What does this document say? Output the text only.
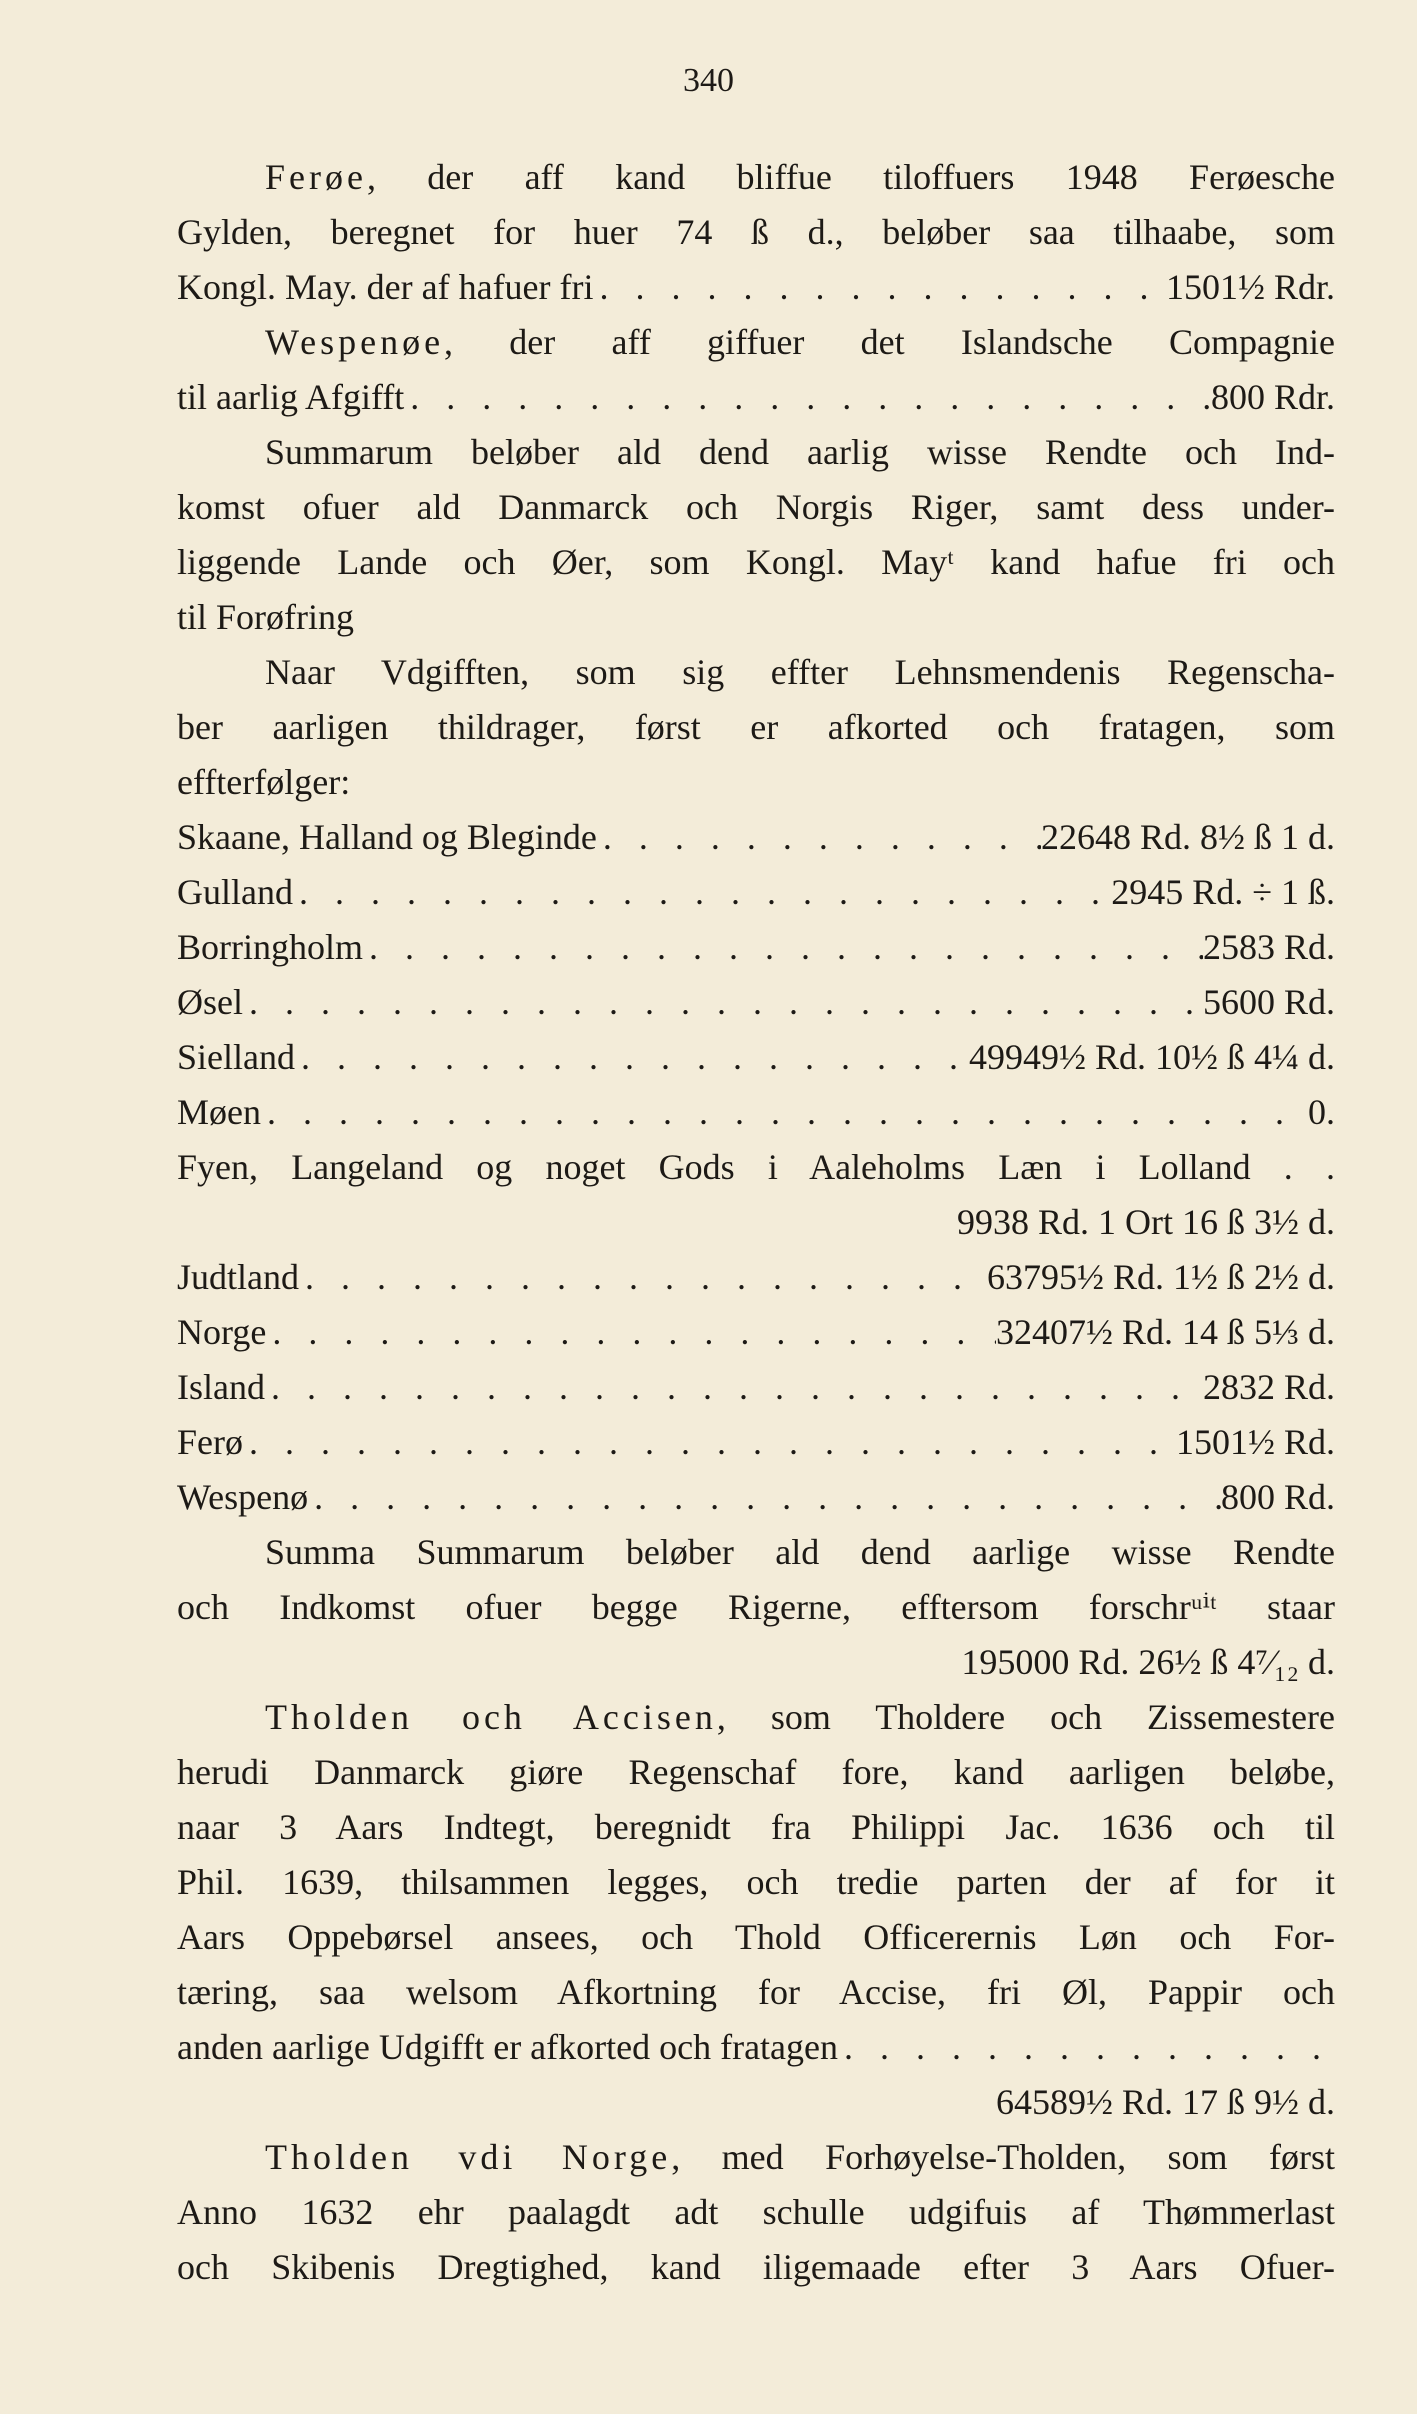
340
Ferøe, der aff kand bliffue tiloffuers 1948 Ferøesche
Gylden, beregnet for huer 74 ß d., beløber saa tilhaabe, som
Kongl. May. der af hafuer fri . . .	1501½ Rdr.
Wespenøe, der aff giffuer det Islandsche Compagnie
til aarlig Afgifft . . .	800 Rdr.
Summarum beløber ald dend aarlig wisse Rendte och Ind-
komst ofuer ald Danmarck och Norgis Riger, samt dess under-
liggende Lande och Øer, som Kongl. Mayᵗ kand hafue fri och
til Forøfring
Naar Vdgifften, som sig effter Lehnsmendenis Regenscha-
ber aarligen thildrager, først er afkorted och fratagen, som
effterfølger:
Skaane, Halland og Bleginde . . .	22648 Rd. 8½ ß 1 d.
Gulland . . .	2945 Rd. ÷ 1 ß.
Borringholm . . .	2583 Rd.
Øsel . . .	5600 Rd.
Sielland . . .	49949½ Rd. 10½ ß 4¼ d.
Møen . . .	0.
Fyen, Langeland og noget Gods i Aaleholms Læn i Lolland . .
9938 Rd. 1 Ort 16 ß 3½ d.
Judtland . . .	63795½ Rd. 1½ ß 2½ d.
Norge . . .	32407½ Rd. 14 ß 5⅓ d.
Island . . .	2832 Rd.
Ferø . . .	1501½ Rd.
Wespenø . . .	800 Rd.
Summa Summarum beløber ald dend aarlige wisse Rendte
och Indkomst ofuer begge Rigerne, efftersom forschrᵘⁱᵗ staar
195000 Rd. 26½ ß 4⁷⁄₁₂ d.
Tholden och Accisen, som Tholdere och Zissemestere
herudi Danmarck giøre Regenschaf fore, kand aarligen beløbe,
naar 3 Aars Indtegt, beregnidt fra Philippi Jac. 1636 och til
Phil. 1639, thilsammen legges, och tredie parten der af for it
Aars Oppebørsel ansees, och Thold Officerernis Løn och For-
tæring, saa welsom Afkortning for Accise, fri Øl, Pappir och
anden aarlige Udgifft er afkorted och fratagen
. . .
64589½ Rd. 17 ß 9½ d.
Tholden vdi Norge, med Forhøyelse-Tholden, som først
Anno 1632 ehr paalagdt adt schulle udgifuis af Thømmerlast
och Skibenis Dregtighed, kand iligemaade efter 3 Aars Ofuer-
